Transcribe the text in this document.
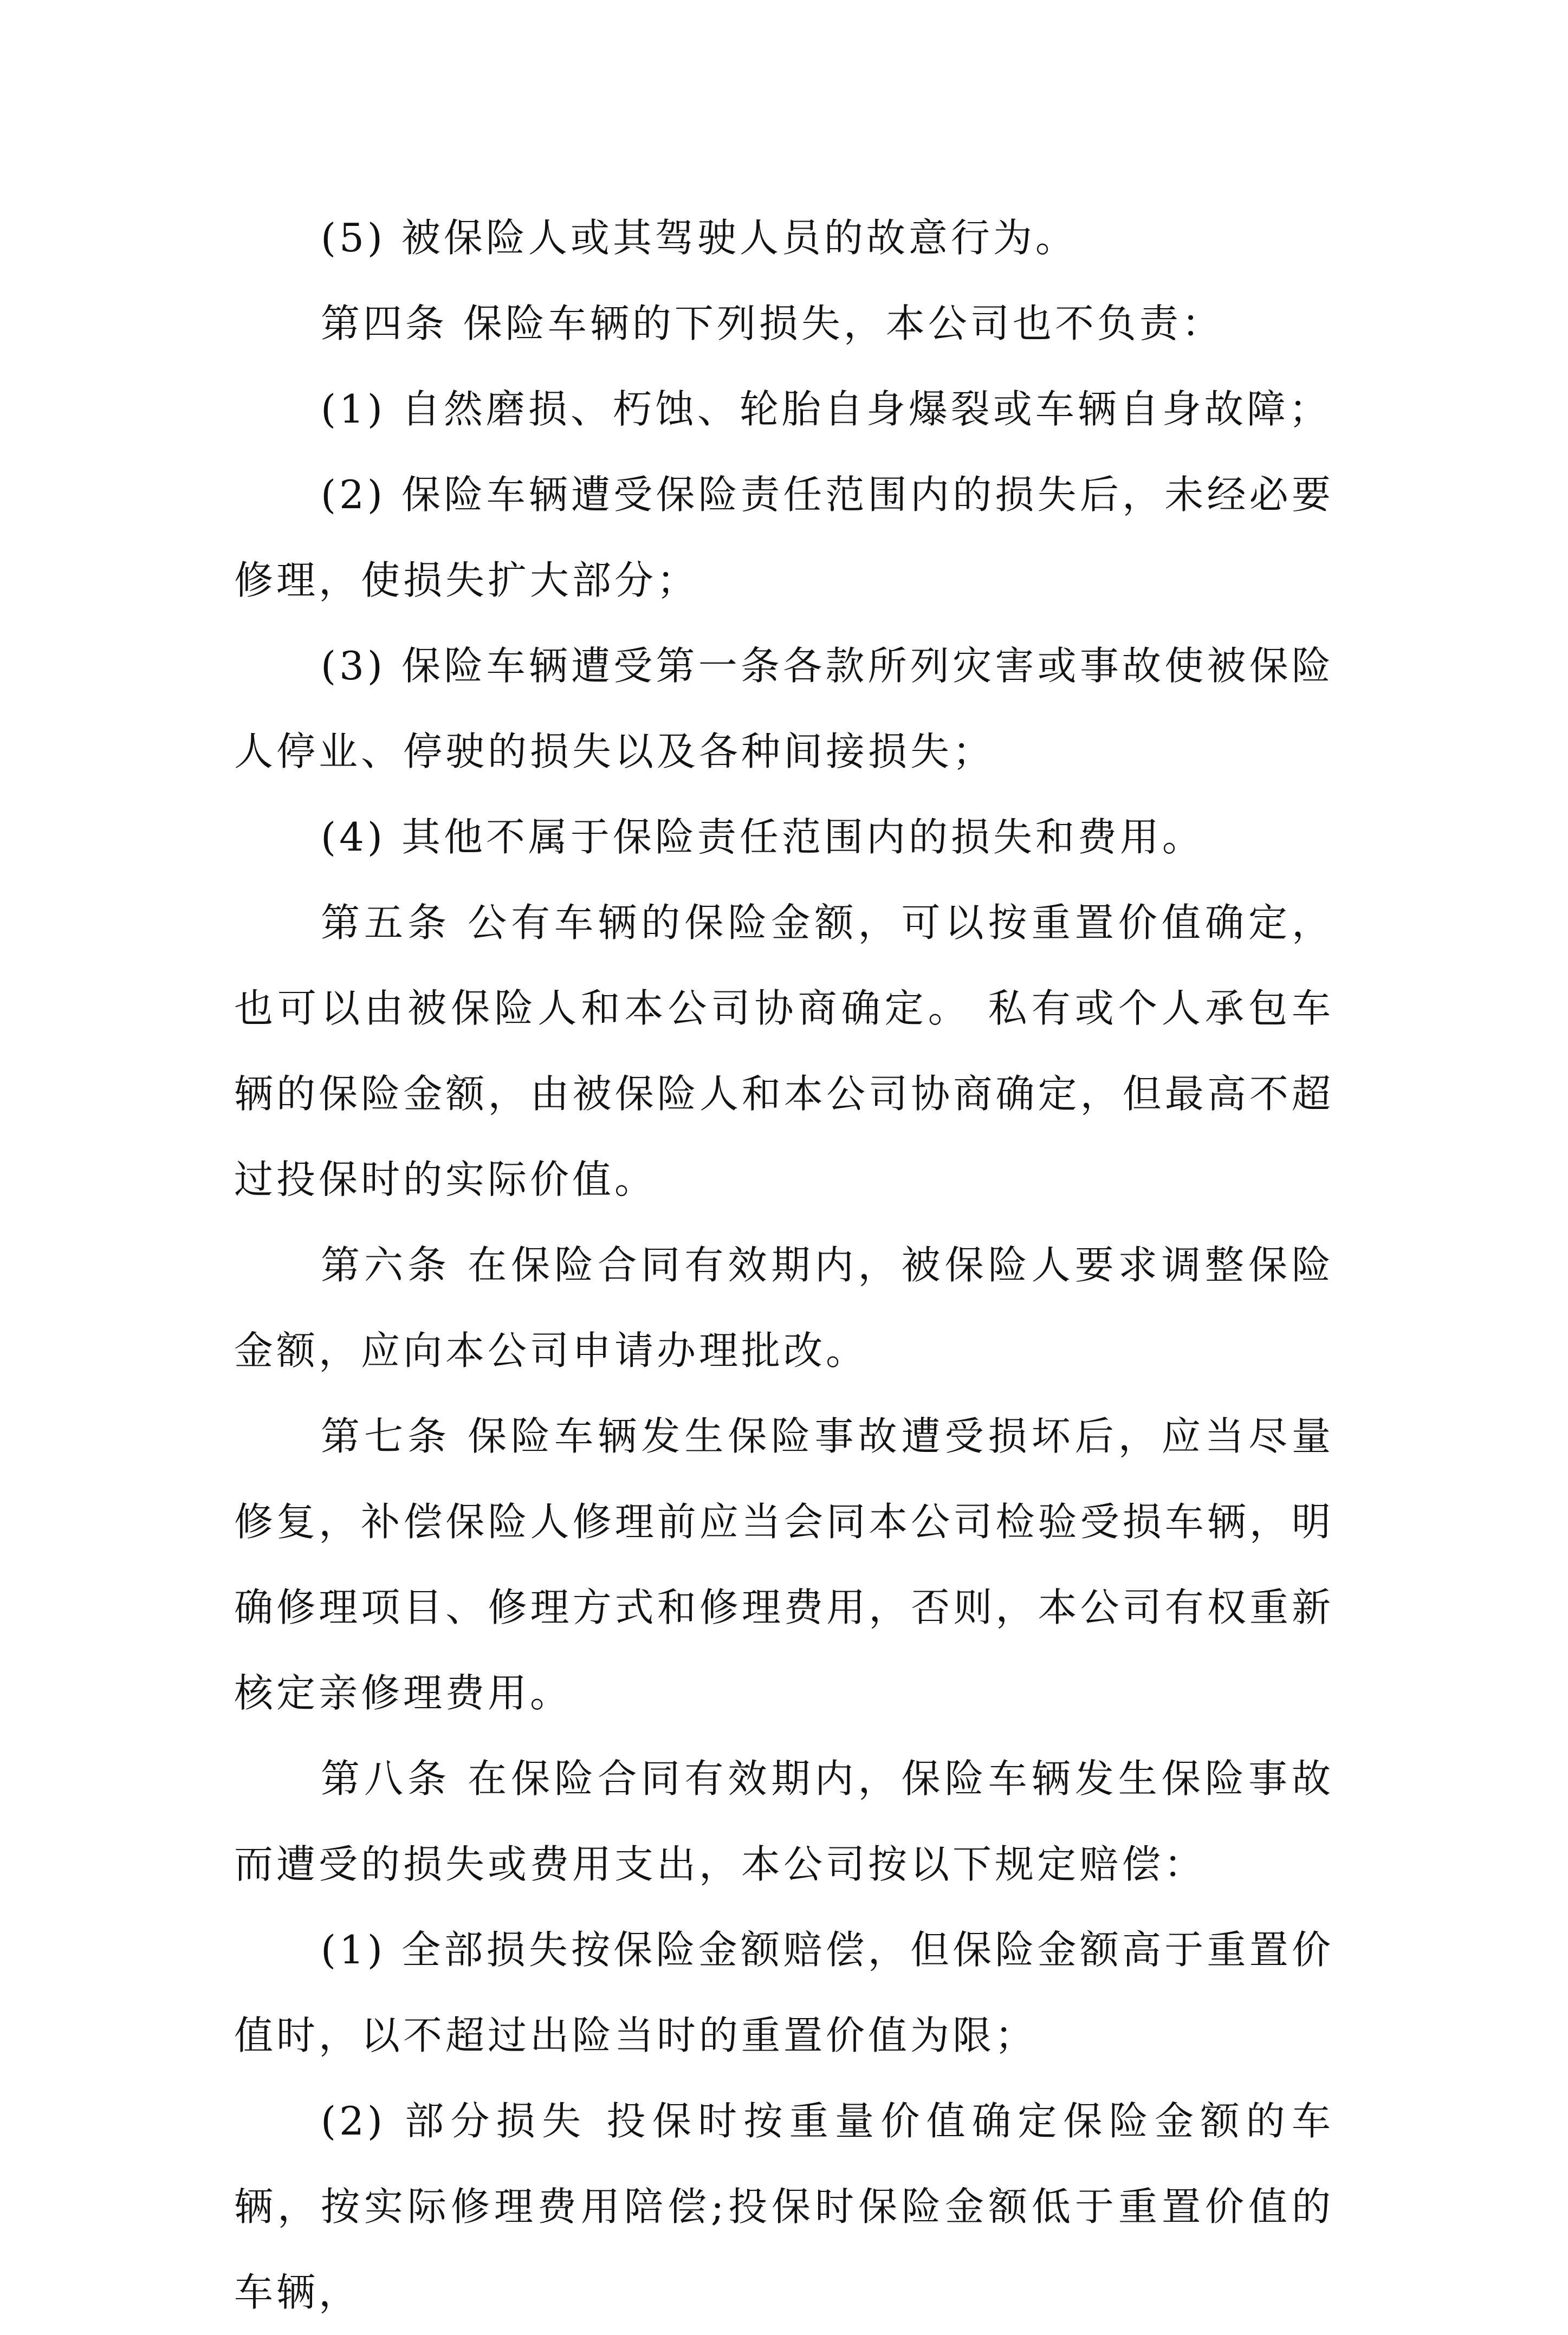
(5) 被保险人或其驾驶人员的故意行为。

第四条 保险车辆的下列损失，本公司也不负责：

(1) 自然磨损、朽蚀、轮胎自身爆裂或车辆自身故障；

(2) 保险车辆遭受保险责任范围内的损失后，未经必要修理，使损失扩大部分；

(3) 保险车辆遭受第一条各款所列灾害或事故使被保险人停业、停驶的损失以及各种间接损失；

(4) 其他不属于保险责任范围内的损失和费用。

第五条 公有车辆的保险金额，可以按重置价值确定，也可以由被保险人和本公司协商确定。 私有或个人承包车辆的保险金额，由被保险人和本公司协商确定，但最高不超过投保时的实际价值。

第六条 在保险合同有效期内，被保险人要求调整保险金额，应向本公司申请办理批改。

第七条 保险车辆发生保险事故遭受损坏后，应当尽量修复，补偿保险人修理前应当会同本公司检验受损车辆，明确修理项目、修理方式和修理费用，否则，本公司有权重新核定亲修理费用。

第八条 在保险合同有效期内，保险车辆发生保险事故而遭受的损失或费用支出，本公司按以下规定赔偿：

(1) 全部损失按保险金额赔偿，但保险金额高于重置价值时，以不超过出险当时的重置价值为限；

(2) 部分损失 投保时按重量价值确定保险金额的车辆，按实际修理费用陪偿;投保时保险金额低于重置价值的车辆，
